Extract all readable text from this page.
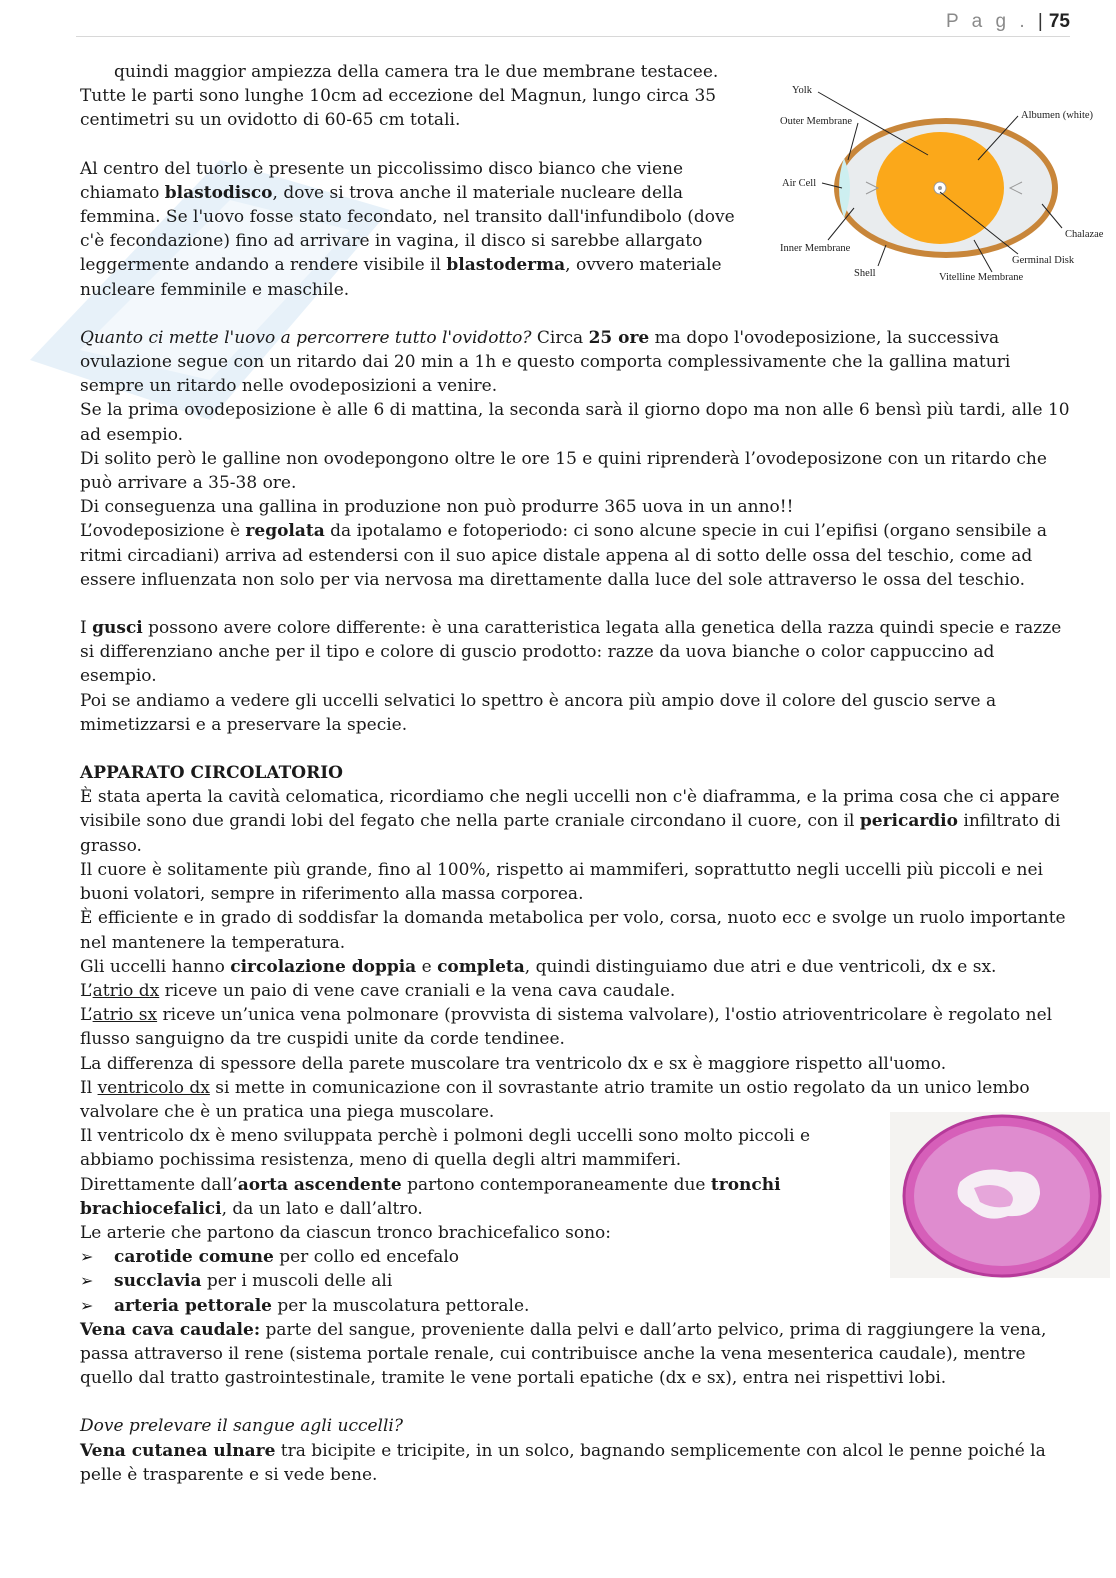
P a g . | 75
Yolk
Outer Membrane
Air Cell
Inner Membrane
Shell
Albumen (white)
Chalazae
Germinal Disk
Vitelline Membrane

quindi maggior ampiezza della camera tra le due membrane testacee.

Tutte le parti sono lunghe 10cm ad eccezione del Magnun, lungo circa 35 centimetri su un ovidotto di 60-65 cm totali.

Al centro del tuorlo è presente un piccolissimo disco bianco che viene chiamato blastodisco, dove si trova anche il materiale nucleare della femmina. Se l'uovo fosse stato fecondato, nel transito dall'infundibolo (dove c'è fecondazione) fino ad arrivare in vagina, il disco si sarebbe allargato leggermente andando a rendere visibile il blastoderma, ovvero materiale nucleare femminile e maschile.

Quanto ci mette l'uovo a percorrere tutto l'ovidotto? Circa 25 ore ma dopo l'ovodeposizione, la successiva ovulazione segue con un ritardo dai 20 min a 1h e questo comporta complessivamente che la gallina maturi sempre un ritardo nelle ovodeposizioni a venire.

Se la prima ovodeposizione è alle 6 di mattina, la seconda sarà il giorno dopo ma non alle 6 bensì più tardi, alle 10 ad esempio.

Di solito però le galline non ovodepongono oltre le ore 15 e quini riprenderà l’ovodeposizone con un ritardo che può arrivare a 35-38 ore.

Di conseguenza una gallina in produzione non può produrre 365 uova in un anno!!

L’ovodeposizione è regolata da ipotalamo e fotoperiodo: ci sono alcune specie in cui l’epifisi (organo sensibile a ritmi circadiani) arriva ad estendersi con il suo apice distale appena al di sotto delle ossa del teschio, come ad essere influenzata non solo per via nervosa ma direttamente dalla luce del sole attraverso le ossa del teschio.

I gusci possono avere colore differente: è una caratteristica legata alla genetica della razza quindi specie e razze si differenziano anche per il tipo e colore di guscio prodotto: razze da uova bianche o color cappuccino ad esempio.

Poi se andiamo a vedere gli uccelli selvatici lo spettro è ancora più ampio dove il colore del guscio serve a mimetizzarsi e a preservare la specie.

APPARATO CIRCOLATORIO

È stata aperta la cavità celomatica, ricordiamo che negli uccelli non c'è diaframma, e la prima cosa che ci appare visibile sono due grandi lobi del fegato che nella parte craniale circondano il cuore, con il pericardio infiltrato di grasso.

Il cuore è solitamente più grande, fino al 100%, rispetto ai mammiferi, soprattutto negli uccelli più piccoli e nei buoni volatori, sempre in riferimento alla massa corporea.

È efficiente e in grado di soddisfar la domanda metabolica per volo, corsa, nuoto ecc e svolge un ruolo importante nel mantenere la temperatura.

Gli uccelli hanno circolazione doppia e completa, quindi distinguiamo due atri e due ventricoli, dx e sx.

L’atrio dx riceve un paio di vene cave craniali e la vena cava caudale.

L’atrio sx riceve un’unica vena polmonare (provvista di sistema valvolare), l'ostio atrioventricolare è regolato nel flusso sanguigno da tre cuspidi unite da corde tendinee.

La differenza di spessore della parete muscolare tra ventricolo dx e sx è maggiore rispetto all'uomo.

Il ventricolo dx si mette in comunicazione con il sovrastante atrio tramite un ostio regolato da un unico lembo valvolare che è un pratica una piega muscolare.

Il ventricolo dx è meno sviluppata perchè i polmoni degli uccelli sono molto piccoli e abbiamo pochissima resistenza, meno di quella degli altri mammiferi.

Direttamente dall’aorta ascendente partono contemporaneamente due tronchi brachiocefalici, da un lato e dall’altro.

Le arterie che partono da ciascun tronco brachicefalico sono:

➢ carotide comune per collo ed encefalo
➢ succlavia per i muscoli delle ali
➢ arteria pettorale per la muscolatura pettorale.

Vena cava caudale: parte del sangue, proveniente dalla pelvi e dall’arto pelvico, prima di raggiungere la vena, passa attraverso il rene (sistema portale renale, cui contribuisce anche la vena mesenterica caudale), mentre quello dal tratto gastrointestinale, tramite le vene portali epatiche (dx e sx), entra nei rispettivi lobi.

Dove prelevare il sangue agli uccelli?

Vena cutanea ulnare tra bicipite e tricipite, in un solco, bagnando semplicemente con alcol le penne poiché la pelle è trasparente e si vede bene.
